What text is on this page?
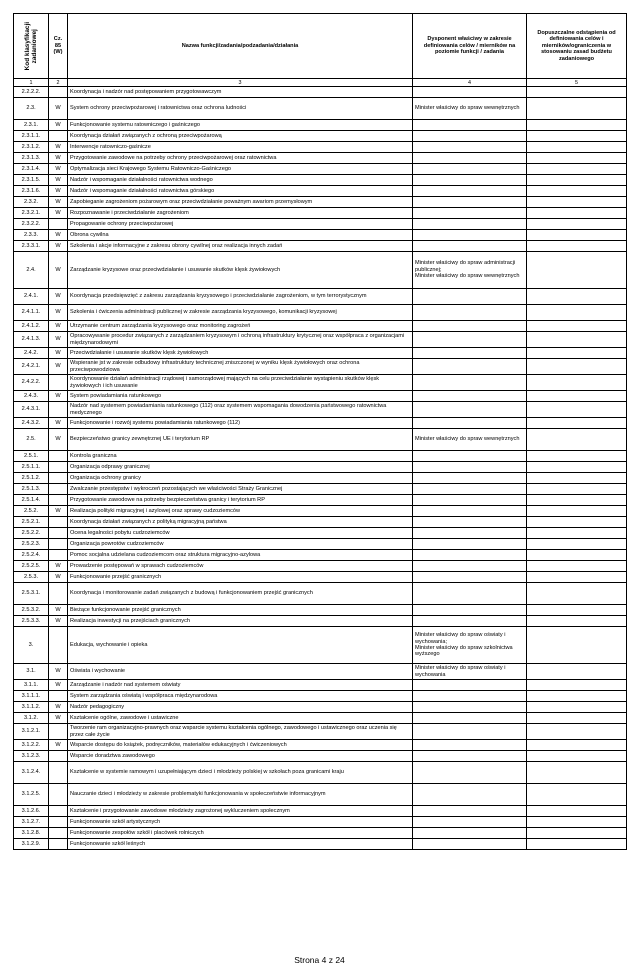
Kod klasyfikacji
zadaniowej	Cz.
85
(W)	Nazwa funkcji/zadania/podzadania/działania	Dysponent właściwy w zakresie definiowania celów / mierników na poziomie funkcji / zadania	Dopuszczalne odstąpienia od definiowania celów i mierników/ograniczenia w stosowaniu zasad budżetu zadaniowego
1	2	3	4	5
2.2.2.2.		Koordynacja i nadzór nad postępowaniem przygotowawczym		
2.3.	W	System ochrony przeciwpożarowej i ratownictwa oraz ochrona ludności	Minister właściwy do spraw wewnętrznych	
2.3.1.	W	Funkcjonowanie systemu ratowniczego i gaśniczego		
2.3.1.1.		Koordynacja działań związanych z ochroną przeciwpożarową		
2.3.1.2.	W	Interwencje ratowniczo-gaśnicze		
2.3.1.3.	W	Przygotowanie zawodowe na potrzeby ochrony przeciwpożarowej oraz ratownictwa		
2.3.1.4.	W	Optymalizacja sieci Krajowego Systemu Ratowniczo-Gaśniczego		
2.3.1.5.	W	Nadzór i wspomaganie działalności ratownictwa wodnego		
2.3.1.6.	W	Nadzór i wspomaganie działalności ratownictwa górskiego		
2.3.2.	W	Zapobieganie zagrożeniom pożarowym oraz przeciwdziałanie poważnym awariom przemysłowym		
2.3.2.1.	W	Rozpoznawanie i przeciwdziałanie zagrożeniom		
2.3.2.2.		Propagowanie ochrony przeciwpożarowej		
2.3.3.	W	Obrona cywilna		
2.3.3.1.	W	Szkolenia i akcje informacyjne z zakresu obrony cywilnej oraz realizacja innych zadań		
2.4.	W	Zarządzanie kryzysowe oraz przeciwdziałanie i usuwanie skutków klęsk żywiołowych	Minister właściwy do spraw administracji publicznej;
Minister właściwy do spraw wewnętrznych	
2.4.1.	W	Koordynacja przedsięwzięć z zakresu zarządzania kryzysowego i przeciwdziałanie zagrożeniom, w tym terrorystycznym		
2.4.1.1.	W	Szkolenia i ćwiczenia administracji publicznej w zakresie zarządzania kryzysowego, komunikacji kryzysowej		
2.4.1.2.	W	Utrzymanie centrum zarządzania kryzysowego oraz monitoring zagrożeń		
2.4.1.3.	W	Opracowywanie procedur związanych z zarządzaniem kryzysowym i ochroną infrastruktury krytycznej oraz współpraca z organizacjami międzynarodowymi		
2.4.2.	W	Przeciwdziałanie i usuwanie skutków klęsk żywiołowych		
2.4.2.1.	W	Wspieranie jst w zakresie odbudowy infrastruktury technicznej zniszczonej w wyniku klęsk żywiołowych oraz ochrona przeciwpowodziowa		
2.4.2.2.		Koordynowanie działań administracji rządowej i samorządowej mających na celu przeciwdziałanie wystąpieniu skutków klęsk żywiołowych i ich usuwanie		
2.4.3.	W	System powiadamiania ratunkowego		
2.4.3.1.		Nadzór nad systemem powiadamiania ratunkowego (112) oraz systemem wspomagania dowodzenia państwowego ratownictwa medycznego		
2.4.3.2.	W	Funkcjonowanie i rozwój systemu powiadamiania ratunkowego (112)		
2.5.	W	Bezpieczeństwo granicy zewnętrznej UE i terytorium RP	Minister właściwy do spraw wewnętrznych	
2.5.1.		Kontrola graniczna		
2.5.1.1.		Organizacja odprawy granicznej		
2.5.1.2.		Organizacja ochrony granicy		
2.5.1.3.		Zwalczanie przestępstw i wykroczeń pozostających we właściwości Straży Granicznej		
2.5.1.4.		Przygotowanie zawodowe na potrzeby bezpieczeństwa granicy i terytorium RP		
2.5.2.	W	Realizacja polityki migracyjnej i azylowej oraz sprawy cudzoziemców		
2.5.2.1.		Koordynacja działań związanych z polityką migracyjną państwa		
2.5.2.2.		Ocena legalności pobytu cudzoziemców		
2.5.2.3.		Organizacja powrotów cudzoziemców		
2.5.2.4.		Pomoc socjalna udzielana cudzoziemcom oraz struktura migracyjno-azylowa		
2.5.2.5.	W	Prowadzenie postępowań w sprawach cudzoziemców		
2.5.3.	W	Funkcjonowanie przejść granicznych		
2.5.3.1.		Koordynacja i monitorowanie zadań związanych z budową i funkcjonowaniem przejść granicznych		
2.5.3.2.	W	Bieżące funkcjonowanie przejść granicznych		
2.5.3.3.	W	Realizacja inwestycji na przejściach granicznych		
3.		Edukacja, wychowanie i opieka	Minister właściwy do spraw oświaty i wychowania;
Minister właściwy do spraw szkolnictwa wyższego	
3.1.	W	Oświata i wychowanie	Minister właściwy do spraw oświaty i wychowania	
3.1.1.	W	Zarządzanie i nadzór nad systemem oświaty		
3.1.1.1.		System zarządzania oświatą i współpraca międzynarodowa		
3.1.1.2.	W	Nadzór pedagogiczny		
3.1.2.	W	Kształcenie ogólne, zawodowe i ustawiczne		
3.1.2.1.		Tworzenie ram organizacyjno-prawnych oraz wsparcie systemu kształcenia ogólnego, zawodowego i ustawicznego oraz uczenia się przez całe życie		
3.1.2.2.	W	Wsparcie dostępu do książek, podręczników, materiałów edukacyjnych i ćwiczeniowych		
3.1.2.3.		Wsparcie doradztwa zawodowego		
3.1.2.4.		Kształcenie w systemie ramowym i uzupełniającym dzieci i młodzieży polskiej w szkołach poza granicami kraju		
3.1.2.5.		Nauczanie dzieci i młodzieży w zakresie problematyki funkcjonowania w społeczeństwie informacyjnym		
3.1.2.6.		Kształcenie i przygotowanie zawodowe młodzieży zagrożonej wykluczeniem społecznym		
3.1.2.7.		Funkcjonowanie szkół artystycznych		
3.1.2.8.		Funkcjonowanie zespołów szkół i placówek rolniczych		
3.1.2.9.		Funkcjonowanie szkół leśnych		
Strona 4 z 24
